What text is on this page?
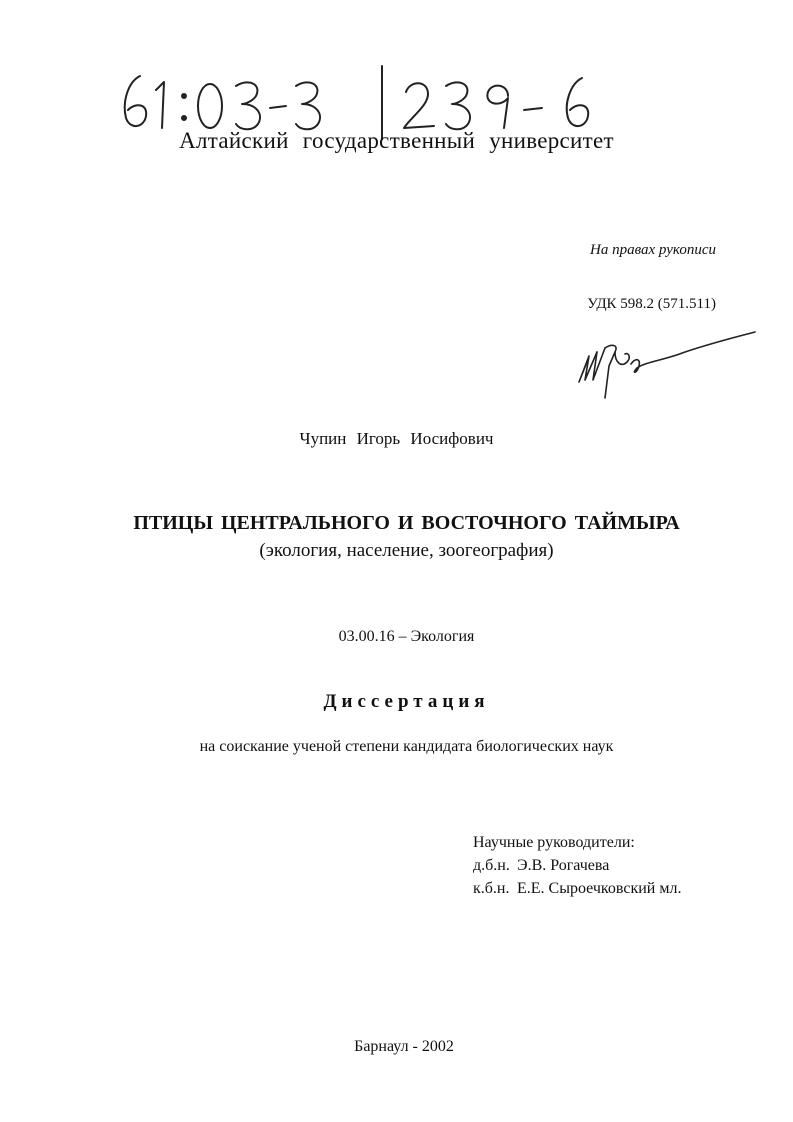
Алтайский государственный университет
На правах рукописи
УДК 598.2 (571.511)
Чупин Игорь Иосифович
ПТИЦЫ ЦЕНТРАЛЬНОГО И ВОСТОЧНОГО ТАЙМЫРА
(экология, население, зоогеография)
03.00.16 – Экология
Диссертация
на соискание ученой степени кандидата биологических наук
Научные руководители:
д.б.н. Э.В. Рогачева
к.б.н. Е.Е. Сыроечковский мл.
Барнаул - 2002
